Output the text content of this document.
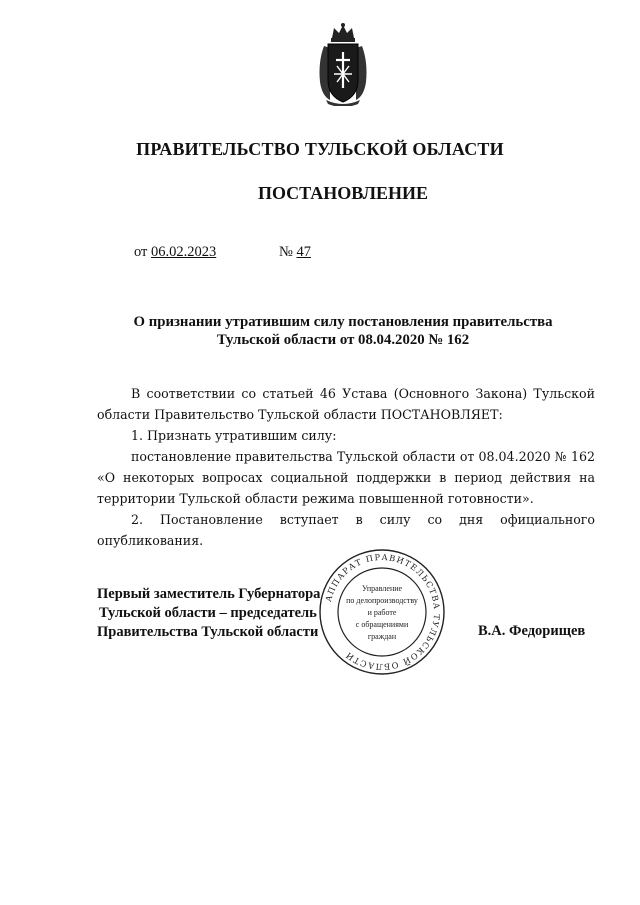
ПРАВИТЕЛЬСТВО ТУЛЬСКОЙ ОБЛАСТИ
ПОСТАНОВЛЕНИЕ
от 06.02.2023	№ 47
О признании утратившим силу постановления правительства
Тульской области от 08.04.2020 № 162

В соответствии со статьей 46 Устава (Основного Закона) Тульской области Правительство Тульской области ПОСТАНОВЛЯЕТ:

1. Признать утратившим силу:

постановление правительства Тульской области от 08.04.2020 № 162 «О некоторых вопросах социальной поддержки в период действия на территории Тульской области режима повышенной готовности».

2. Постановление вступает в силу со дня официального опубликования.

Первый заместитель Губернатора
Тульской области – председатель
Правительства Тульской области	В.А. Федорищев
АППАРАТ ПРАВИТЕЛЬСТВА ТУЛЬСКОЙ ОБЛАСТИ
Управление
по делопроизводству
и работе
с обращениями
граждан
